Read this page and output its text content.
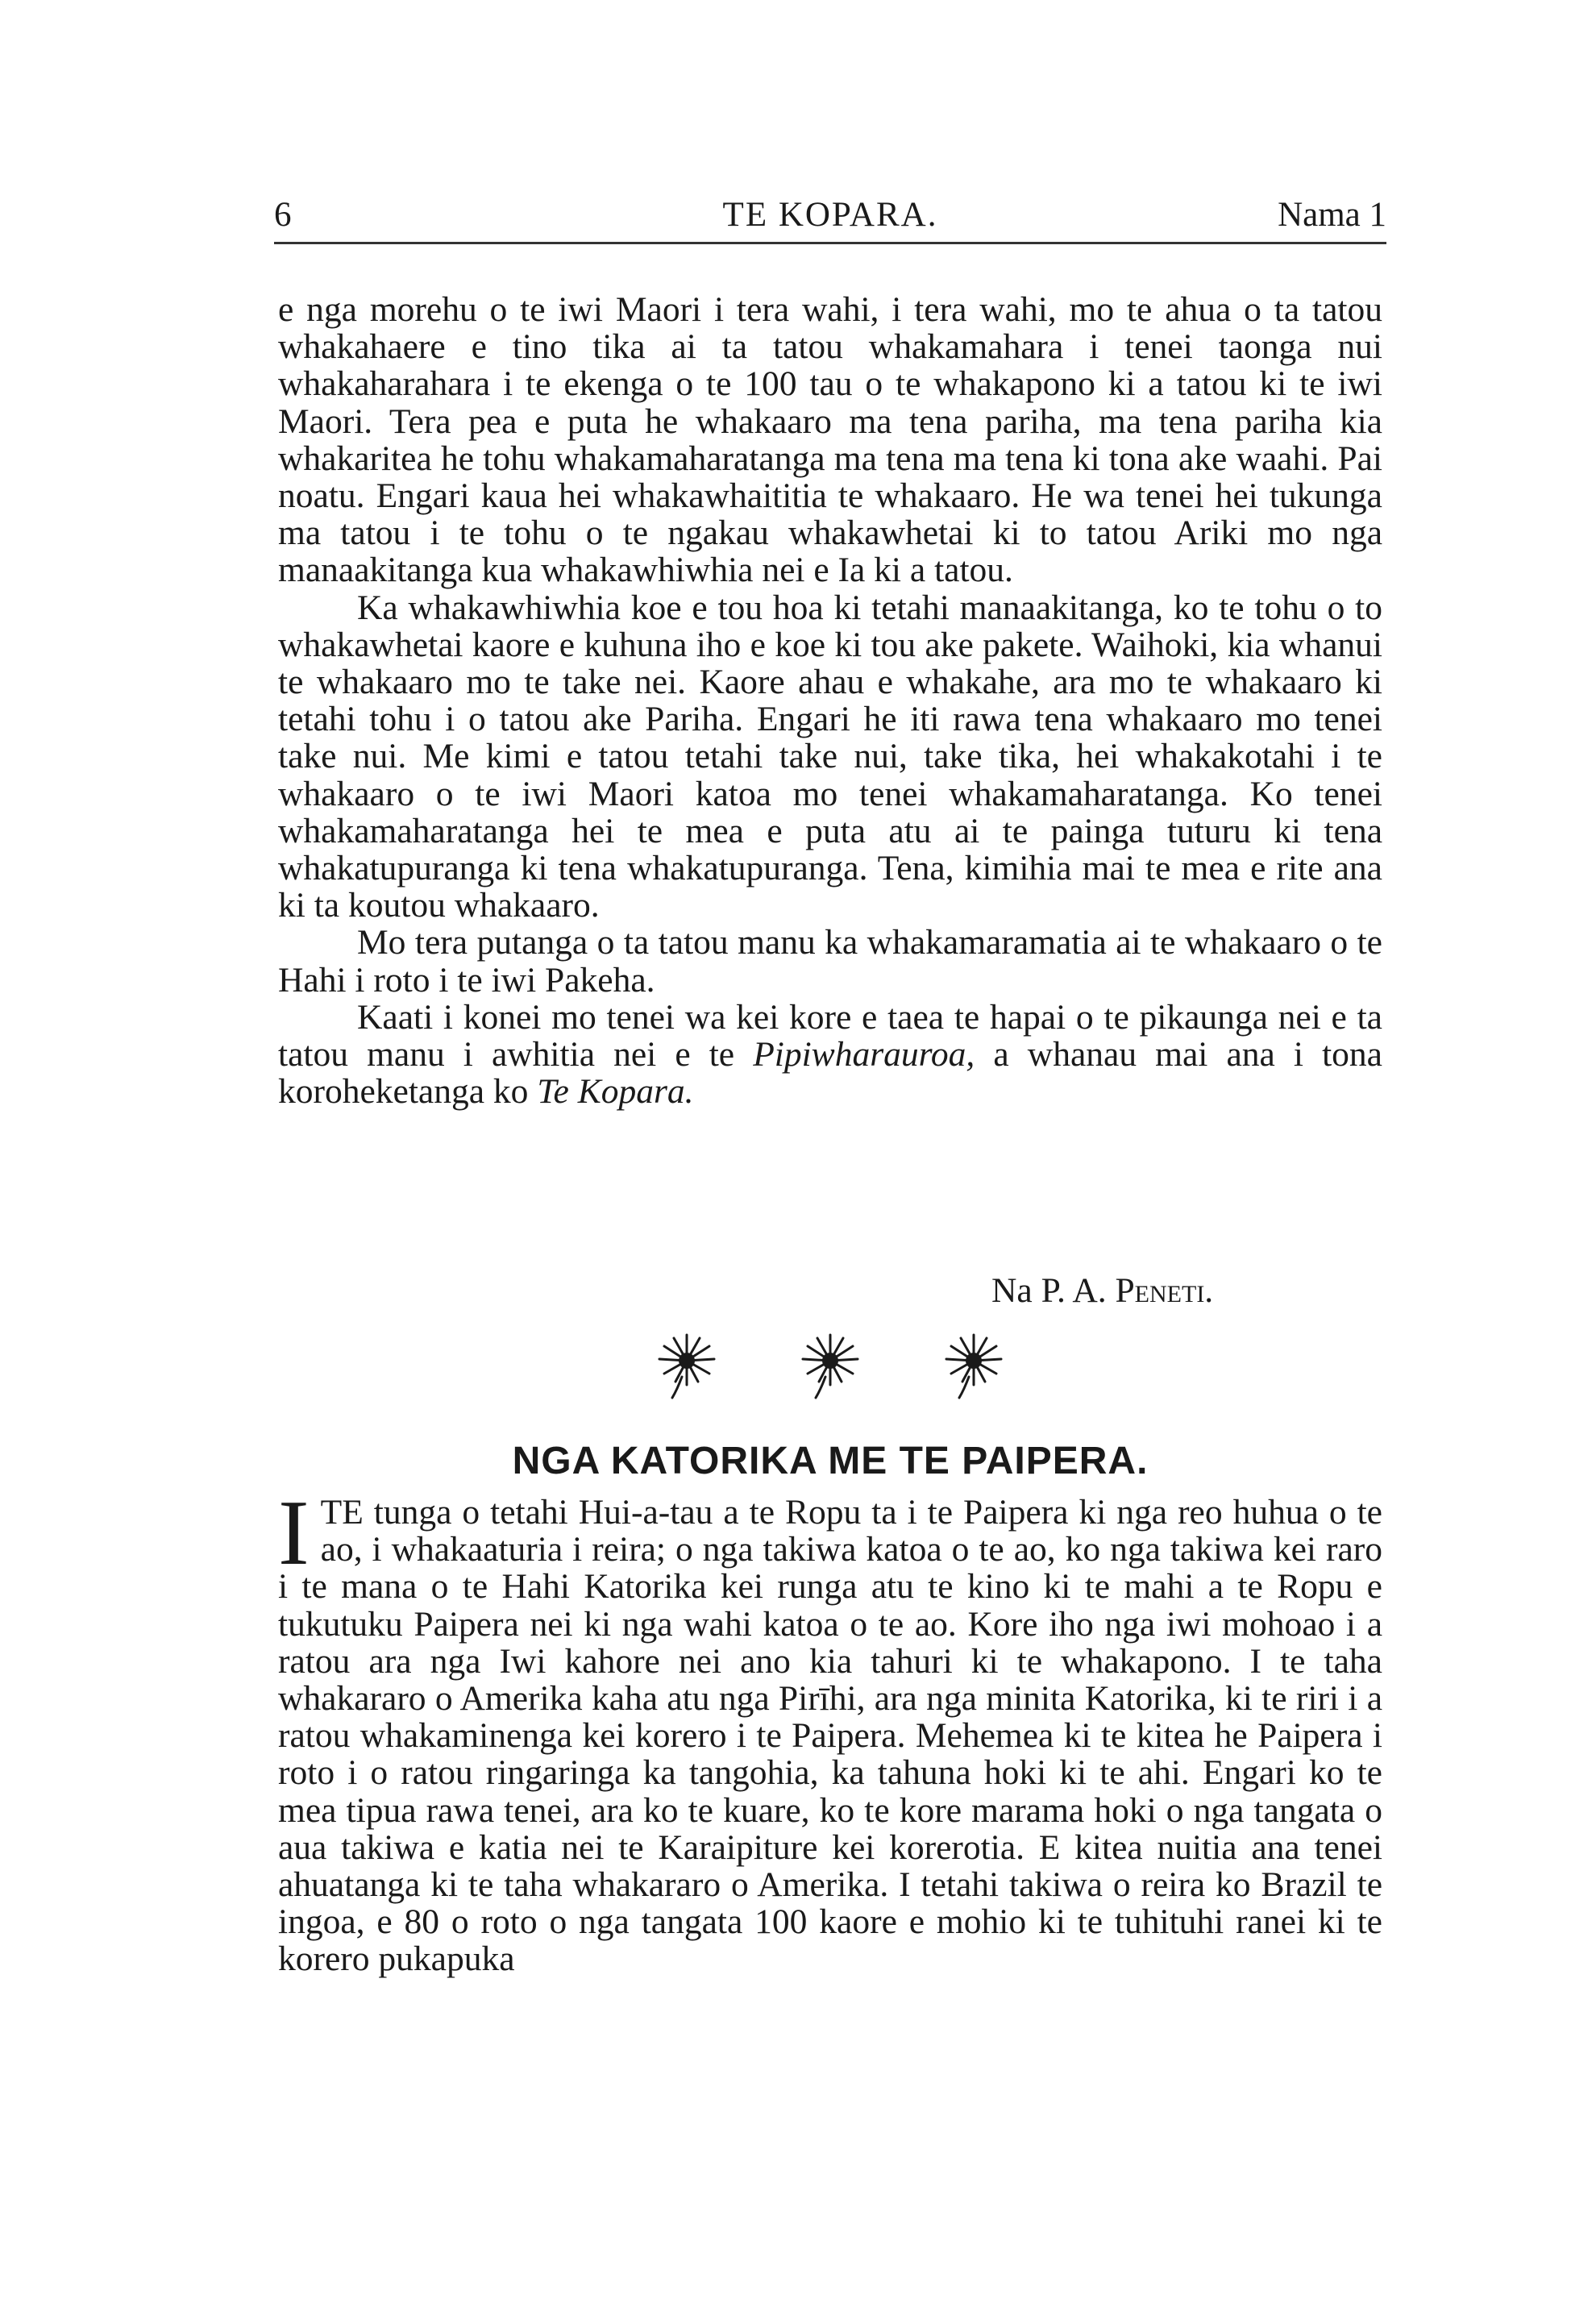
6	TE KOPARA.	Nama 1

e nga morehu o te iwi Maori i tera wahi, i tera wahi, mo te ahua o ta tatou whakahaere e tino tika ai ta tatou whakamahara i tenei taonga nui whakaharahara i te ekenga o te 100 tau o te whakapono ki a tatou ki te iwi Maori. Tera pea e puta he whakaaro ma tena pariha, ma tena pariha kia whakaritea he tohu whakamaharatanga ma tena ma tena ki tona ake waahi. Pai noatu. Engari kaua hei whakawhaititia te whakaaro. He wa tenei hei tukunga ma tatou i te tohu o te ngakau whakawhetai ki to tatou Ariki mo nga manaakitanga kua whakawhiwhia nei e Ia ki a tatou.

Ka whakawhiwhia koe e tou hoa ki tetahi manaakitanga, ko te tohu o to whakawhetai kaore e kuhuna iho e koe ki tou ake pakete. Waihoki, kia whanui te whakaaro mo te take nei. Kaore ahau e whakahe, ara mo te whakaaro ki tetahi tohu i o tatou ake Pariha. Engari he iti rawa tena whakaaro mo tenei take nui. Me kimi e tatou tetahi take nui, take tika, hei whakakotahi i te whakaaro o te iwi Maori katoa mo tenei whakamaharatanga. Ko tenei whakamaharatanga hei te mea e puta atu ai te painga tuturu ki tena whakatupuranga ki tena whakatupuranga. Tena, kimihia mai te mea e rite ana ki ta koutou whakaaro.

Mo tera putanga o ta tatou manu ka whakamaramatia ai te whakaaro o te Hahi i roto i te iwi Pakeha.

Kaati i konei mo tenei wa kei kore e taea te hapai o te pikaunga nei e ta tatou manu i awhitia nei e te Pipiwharauroa, a whanau mai ana i tona koroheketanga ko Te Kopara.

Na P. A. Peneti.
NGA KATORIKA ME TE PAIPERA.

ITE tunga o tetahi Hui-a-tau a te Ropu ta i te Paipera ki nga reo huhua o te ao, i whakaaturia i reira; o nga takiwa katoa o te ao, ko nga takiwa kei raro i te mana o te Hahi Katorika kei runga atu te kino ki te mahi a te Ropu e tukutuku Paipera nei ki nga wahi katoa o te ao. Kore iho nga iwi mohoao i a ratou ara nga Iwi kahore nei ano kia tahuri ki te whakapono. I te taha whakararo o Amerika kaha atu nga Pirīhi, ara nga minita Katorika, ki te riri i a ratou whakaminenga kei korero i te Paipera. Mehemea ki te kitea he Paipera i roto i o ratou ringaringa ka tangohia, ka tahuna hoki ki te ahi. Engari ko te mea tipua rawa tenei, ara ko te kuare, ko te kore marama hoki o nga tangata o aua takiwa e katia nei te Karaipiture kei korerotia. E kitea nuitia ana tenei ahuatanga ki te taha whakararo o Amerika. I tetahi takiwa o reira ko Brazil te ingoa, e 80 o roto o nga tangata 100 kaore e mohio ki te tuhituhi ranei ki te korero pukapuka
